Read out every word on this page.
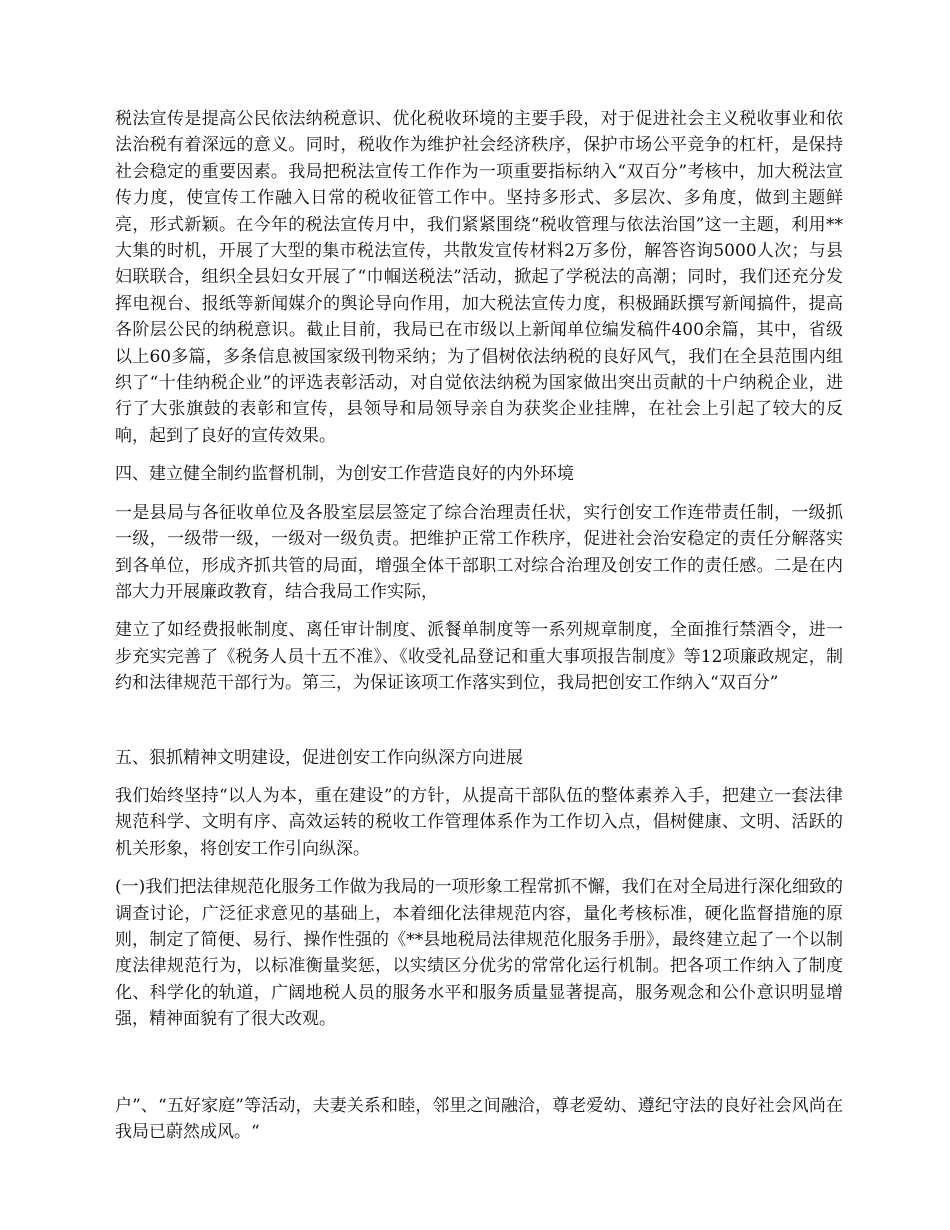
税法宣传是提高公民依法纳税意识、优化税收环境的主要手段，对于促进社会主义税收事业和依法治税有着深远的意义。同时，税收作为维护社会经济秩序，保护市场公平竞争的杠杆，是保持社会稳定的重要因素。我局把税法宣传工作作为一项重要指标纳入“双百分”考核中，加大税法宣传力度，使宣传工作融入日常的税收征管工作中。坚持多形式、多层次、多角度，做到主题鲜亮，形式新颖。在今年的税法宣传月中，我们紧紧围绕“税收管理与依法治国”这一主题，利用**大集的时机，开展了大型的集市税法宣传，共散发宣传材料2万多份，解答咨询5000人次；与县妇联联合，组织全县妇女开展了“巾帼送税法”活动，掀起了学税法的高潮；同时，我们还充分发挥电视台、报纸等新闻媒介的舆论导向作用，加大税法宣传力度，积极踊跃撰写新闻搞件，提高各阶层公民的纳税意识。截止目前，我局已在市级以上新闻单位编发稿件400余篇，其中，省级以上60多篇，多条信息被国家级刊物采纳；为了倡树依法纳税的良好风气，我们在全县范围内组织了“十佳纳税企业”的评选表彰活动，对自觉依法纳税为国家做出突出贡献的十户纳税企业，进行了大张旗鼓的表彰和宣传，县领导和局领导亲自为获奖企业挂牌，在社会上引起了较大的反响，起到了良好的宣传效果。

四、建立健全制约监督机制，为创安工作营造良好的内外环境

一是县局与各征收单位及各股室层层签定了综合治理责任状，实行创安工作连带责任制，一级抓一级，一级带一级，一级对一级负责。把维护正常工作秩序，促进社会治安稳定的责任分解落实到各单位，形成齐抓共管的局面，增强全体干部职工对综合治理及创安工作的责任感。二是在内部大力开展廉政教育，结合我局工作实际，

建立了如经费报帐制度、离任审计制度、派餐单制度等一系列规章制度，全面推行禁酒令，进一步充实完善了《税务人员十五不准》、《收受礼品登记和重大事项报告制度》等12项廉政规定，制约和法律规范干部行为。第三，为保证该项工作落实到位，我局把创安工作纳入“双百分”

五、狠抓精神文明建设，促进创安工作向纵深方向进展

我们始终坚持“以人为本，重在建设”的方针，从提高干部队伍的整体素养入手，把建立一套法律规范科学、文明有序、高效运转的税收工作管理体系作为工作切入点，倡树健康、文明、活跃的机关形象，将创安工作引向纵深。

(一)我们把法律规范化服务工作做为我局的一项形象工程常抓不懈，我们在对全局进行深化细致的调查讨论，广泛征求意见的基础上，本着细化法律规范内容，量化考核标准，硬化监督措施的原则，制定了简便、易行、操作性强的《**县地税局法律规范化服务手册》，最终建立起了一个以制度法律规范行为，以标准衡量奖惩，以实绩区分优劣的常常化运行机制。把各项工作纳入了制度化、科学化的轨道，广阔地税人员的服务水平和服务质量显著提高，服务观念和公仆意识明显增强，精神面貌有了很大改观。

户”、“五好家庭”等活动，夫妻关系和睦，邻里之间融洽，尊老爱幼、遵纪守法的良好社会风尚在我局已蔚然成风。“
